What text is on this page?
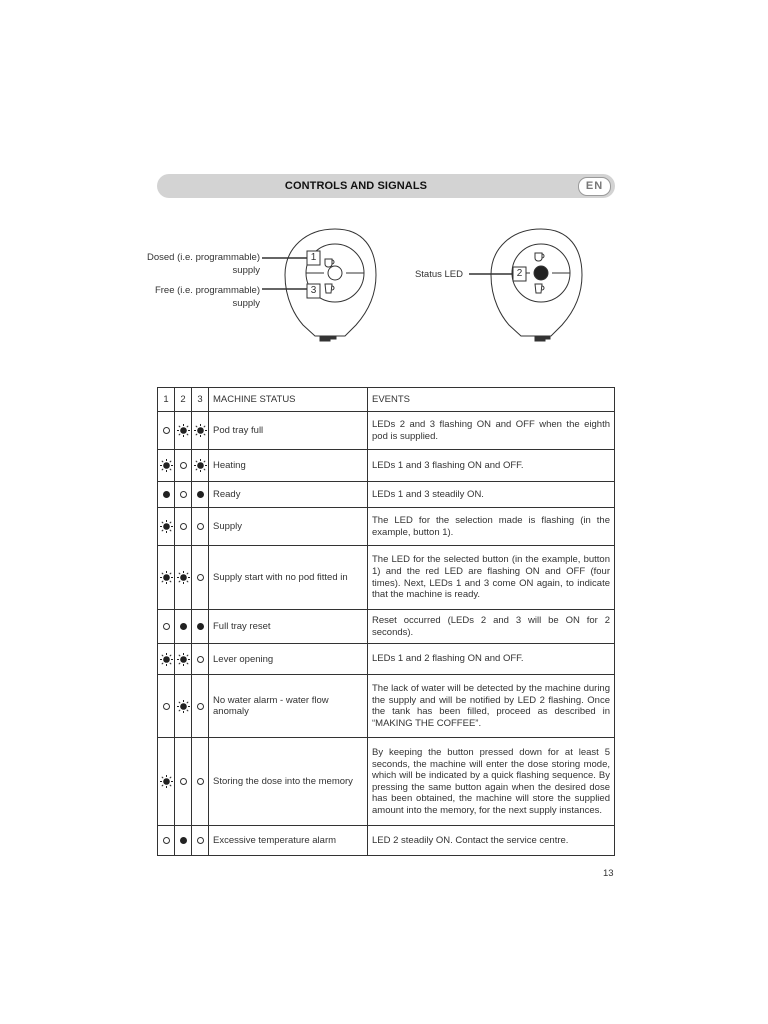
CONTROLS AND SIGNALS	EN
Dosed (i.e. programmable)
supply
Free (i.e. programmable)
supply
Status LED
1
3
2
1	2	3	MACHINE STATUS	EVENTS
			Pod tray full	LEDs 2 and 3 flashing ON and OFF when the eighth pod is supplied.
			Heating	LEDs 1 and 3 flashing ON and OFF.
			Ready	LEDs 1 and 3 steadily ON.
			Supply	The LED for the selection made is flashing (in the example, button 1).
			Supply start with no pod fitted in	The LED for the selected button (in the example, button 1) and the red LED are flashing ON and OFF (four times). Next, LEDs 1 and 3 come ON again, to indicate that the machine is ready.
			Full tray reset	Reset occurred (LEDs 2 and 3 will be ON for 2 seconds).
			Lever opening	LEDs 1 and 2 flashing ON and OFF.
			No water alarm - water flow anomaly	The lack of water will be detected by the machine during the supply and will be notified by LED 2 flashing. Once the tank has been filled, proceed as described in “MAKING THE COFFEE”.
			Storing the dose into the memory	By keeping the button pressed down for at least 5 seconds, the machine will enter the dose storing mode, which will be indicated by a quick flashing sequence. By pressing the same button again when the desired dose has been obtained, the machine will store the supplied amount into the memory, for the next supply instances.
			Excessive temperature alarm	LED 2 steadily ON. Contact the service centre.
13
